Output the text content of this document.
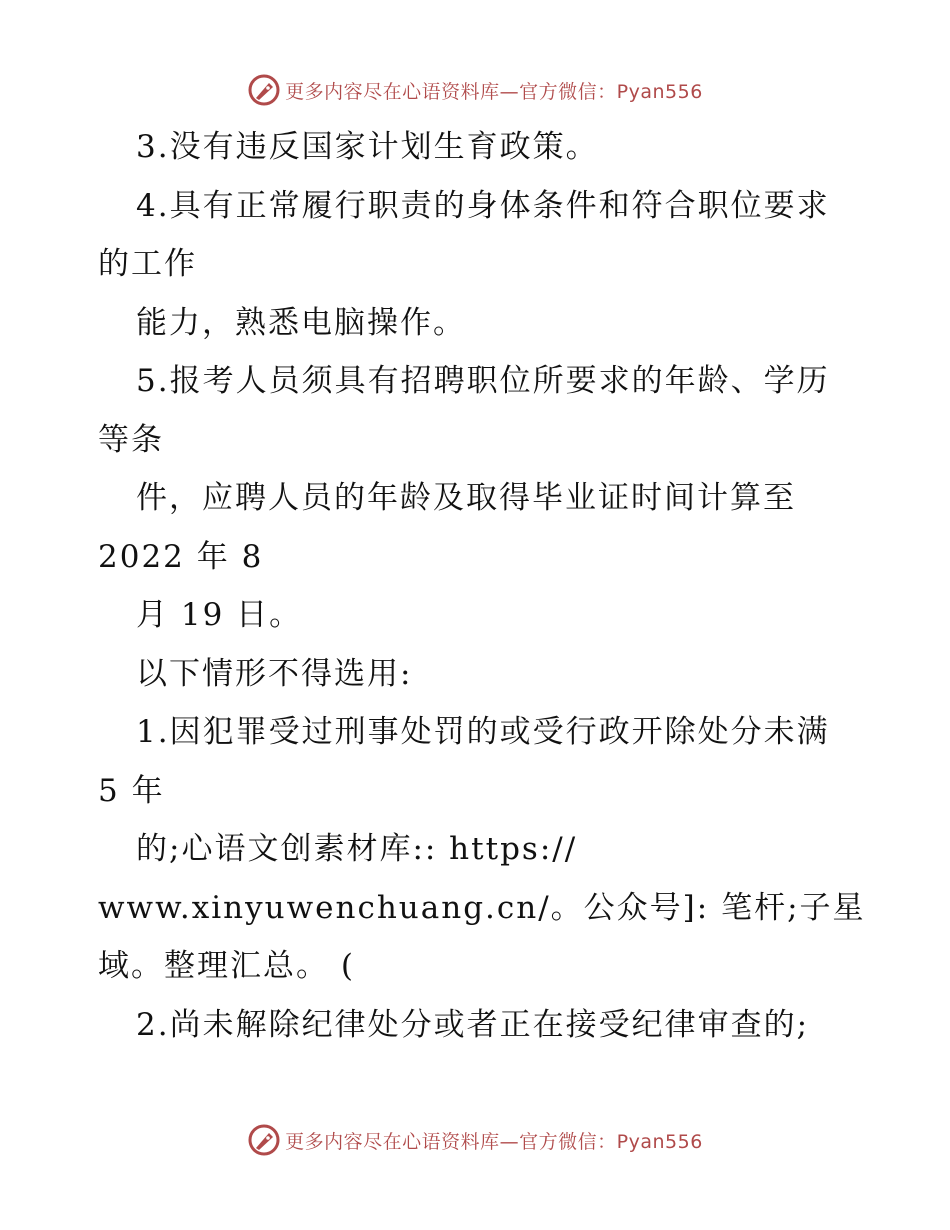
更多内容尽在心语资料库—官方微信：Pyan556
3.没有违反国家计划生育政策。
4.具有正常履行职责的身体条件和符合职位要求
的工作
能力，熟悉电脑操作。
5.报考人员须具有招聘职位所要求的年龄、学历
等条
件，应聘人员的年龄及取得毕业证时间计算至
2022 年 8
月 19 日。
以下情形不得选用:
1.因犯罪受过刑事处罚的或受行政开除处分未满
5 年
的;心语文创素材库:: https://
www.xinyuwenchuang.cn/。公众号]: 笔杆;子星
域。整理汇总。 (
2.尚未解除纪律处分或者正在接受纪律审查的;
更多内容尽在心语资料库—官方微信：Pyan556
